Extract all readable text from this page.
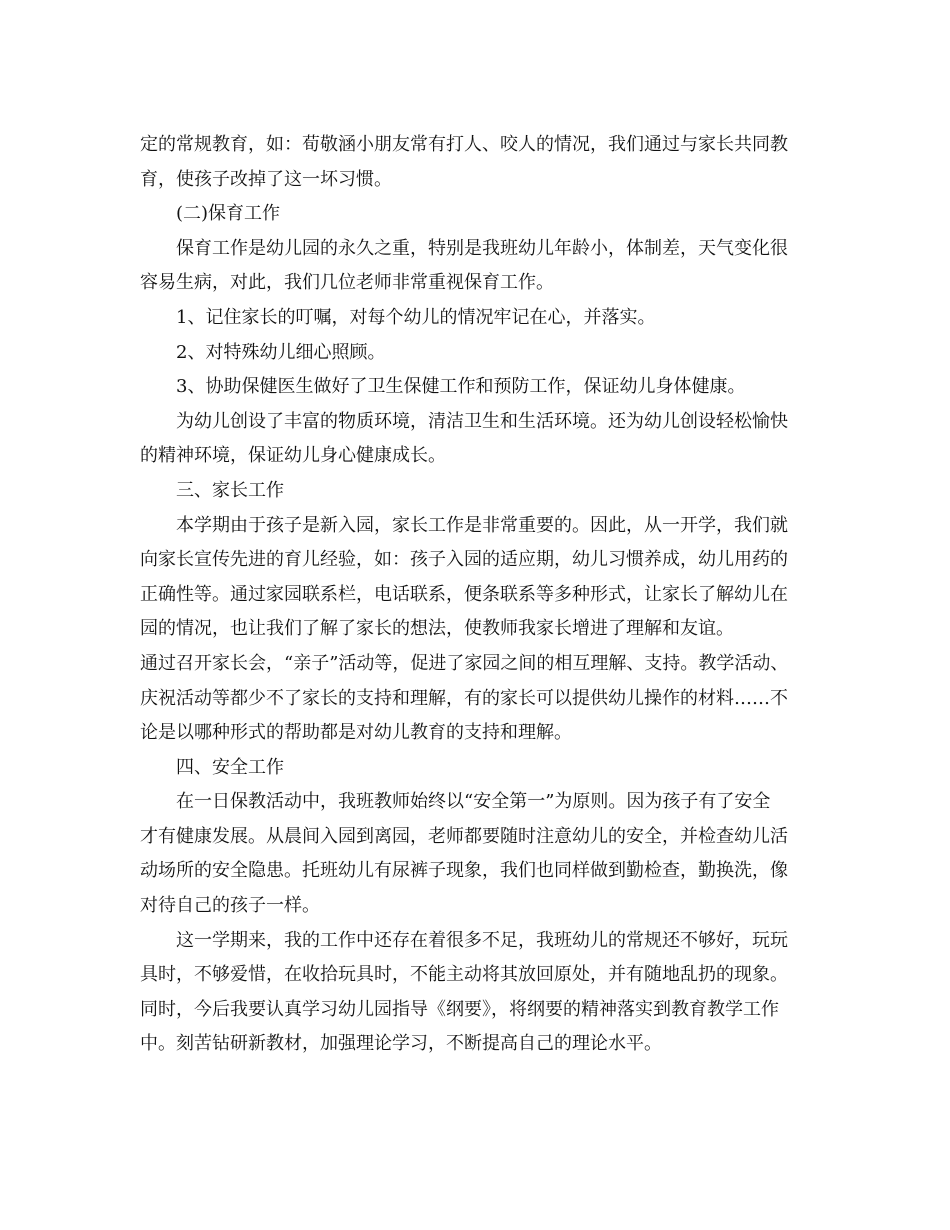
定的常规教育，如：荀敬涵小朋友常有打人、咬人的情况，我们通过与家长共同教
育，使孩子改掉了这一坏习惯。
(二)保育工作
保育工作是幼儿园的永久之重，特别是我班幼儿年龄小，体制差，天气变化很
容易生病，对此，我们几位老师非常重视保育工作。
1、记住家长的叮嘱，对每个幼儿的情况牢记在心，并落实。
2、对特殊幼儿细心照顾。
3、协助保健医生做好了卫生保健工作和预防工作，保证幼儿身体健康。
为幼儿创设了丰富的物质环境，清洁卫生和生活环境。还为幼儿创设轻松愉快
的精神环境，保证幼儿身心健康成长。
三、家长工作
本学期由于孩子是新入园，家长工作是非常重要的。因此，从一开学，我们就
向家长宣传先进的育儿经验，如：孩子入园的适应期，幼儿习惯养成，幼儿用药的
正确性等。通过家园联系栏，电话联系，便条联系等多种形式，让家长了解幼儿在
园的情况，也让我们了解了家长的想法，使教师我家长增进了理解和友谊。
通过召开家长会，“亲子”活动等，促进了家园之间的相互理解、支持。教学活动、
庆祝活动等都少不了家长的支持和理解，有的家长可以提供幼儿操作的材料……不
论是以哪种形式的帮助都是对幼儿教育的支持和理解。
四、安全工作
在一日保教活动中，我班教师始终以“安全第一”为原则。因为孩子有了安全
才有健康发展。从晨间入园到离园，老师都要随时注意幼儿的安全，并检查幼儿活
动场所的安全隐患。托班幼儿有尿裤子现象，我们也同样做到勤检查，勤换洗，像
对待自己的孩子一样。
这一学期来，我的工作中还存在着很多不足，我班幼儿的常规还不够好，玩玩
具时，不够爱惜，在收拾玩具时，不能主动将其放回原处，并有随地乱扔的现象。
同时，今后我要认真学习幼儿园指导《纲要》，将纲要的精神落实到教育教学工作
中。刻苦钻研新教材，加强理论学习，不断提高自己的理论水平。
